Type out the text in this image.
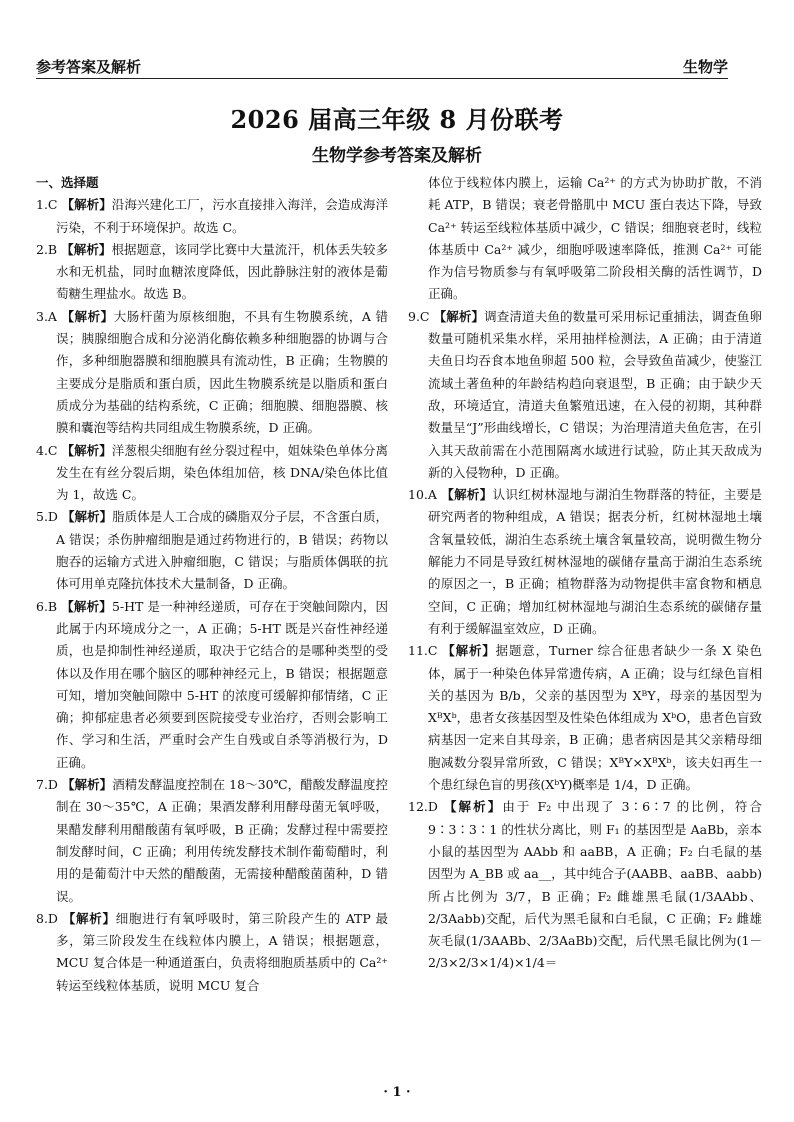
参考答案及解析	生物学
2026 届高三年级 8 月份联考
生物学参考答案及解析

一、选择题

1.C 【解析】沿海兴建化工厂，污水直接排入海洋，会造成海洋污染，不利于环境保护。故选 C。

2.B 【解析】根据题意，该同学比赛中大量流汗，机体丢失较多水和无机盐，同时血糖浓度降低，因此静脉注射的液体是葡萄糖生理盐水。故选 B。

3.A 【解析】大肠杆菌为原核细胞，不具有生物膜系统，A 错误；胰腺细胞合成和分泌消化酶依赖多种细胞器的协调与合作，多种细胞器膜和细胞膜具有流动性，B 正确；生物膜的主要成分是脂质和蛋白质，因此生物膜系统是以脂质和蛋白质成分为基础的结构系统，C 正确；细胞膜、细胞器膜、核膜和囊泡等结构共同组成生物膜系统，D 正确。

4.C 【解析】洋葱根尖细胞有丝分裂过程中，姐妹染色单体分离发生在有丝分裂后期，染色体组加倍，核 DNA/染色体比值为 1，故选 C。

5.D 【解析】脂质体是人工合成的磷脂双分子层，不含蛋白质，A 错误；杀伤肿瘤细胞是通过药物进行的，B 错误；药物以胞吞的运输方式进入肿瘤细胞，C 错误；与脂质体偶联的抗体可用单克隆抗体技术大量制备，D 正确。

6.B 【解析】5-HT 是一种神经递质，可存在于突触间隙内，因此属于内环境成分之一，A 正确；5-HT 既是兴奋性神经递质，也是抑制性神经递质，取决于它结合的是哪种类型的受体以及作用在哪个脑区的哪种神经元上，B 错误；根据题意可知，增加突触间隙中 5-HT 的浓度可缓解抑郁情绪，C 正确；抑郁症患者必须要到医院接受专业治疗，否则会影响工作、学习和生活，严重时会产生自残或自杀等消极行为，D 正确。

7.D 【解析】酒精发酵温度控制在 18～30℃，醋酸发酵温度控制在 30～35℃，A 正确；果酒发酵利用酵母菌无氧呼吸，果醋发酵利用醋酸菌有氧呼吸，B 正确；发酵过程中需要控制发酵时间，C 正确；利用传统发酵技术制作葡萄醋时，利用的是葡萄汁中天然的醋酸菌，无需接种醋酸菌菌种，D 错误。

8.D 【解析】细胞进行有氧呼吸时，第三阶段产生的 ATP 最多，第三阶段发生在线粒体内膜上，A 错误；根据题意，MCU 复合体是一种通道蛋白，负责将细胞质基质中的 Ca²⁺ 转运至线粒体基质，说明 MCU 复合

体位于线粒体内膜上，运输 Ca²⁺ 的方式为协助扩散，不消耗 ATP，B 错误；衰老骨骼肌中 MCU 蛋白表达下降，导致 Ca²⁺ 转运至线粒体基质中减少，C 错误；细胞衰老时，线粒体基质中 Ca²⁺ 减少，细胞呼吸速率降低，推测 Ca²⁺ 可能作为信号物质参与有氧呼吸第二阶段相关酶的活性调节，D 正确。

9.C 【解析】调查清道夫鱼的数量可采用标记重捕法，调查鱼卵数量可随机采集水样，采用抽样检测法，A 正确；由于清道夫鱼日均吞食本地鱼卵超 500 粒，会导致鱼苗减少，使鉴江流域土著鱼种的年龄结构趋向衰退型，B 正确；由于缺少天敌，环境适宜，清道夫鱼繁殖迅速，在入侵的初期，其种群数量呈“J”形曲线增长，C 错误；为治理清道夫鱼危害，在引入其天敌前需在小范围隔离水域进行试验，防止其天敌成为新的入侵物种，D 正确。

10.A 【解析】认识红树林湿地与湖泊生物群落的特征，主要是研究两者的物种组成，A 错误；据表分析，红树林湿地土壤含氧量较低，湖泊生态系统土壤含氧量较高，说明微生物分解能力不同是导致红树林湿地的碳储存量高于湖泊生态系统的原因之一，B 正确；植物群落为动物提供丰富食物和栖息空间，C 正确；增加红树林湿地与湖泊生态系统的碳储存量有利于缓解温室效应，D 正确。

11.C 【解析】据题意，Turner 综合征患者缺少一条 X 染色体，属于一种染色体异常遗传病，A 正确；设与红绿色盲相关的基因为 B/b，父亲的基因型为 XᴮY，母亲的基因型为 XᴮXᵇ，患者女孩基因型及性染色体组成为 XᵇO，患者色盲致病基因一定来自其母亲，B 正确；患者病因是其父亲精母细胞减数分裂异常所致，C 错误；XᴮY×XᴮXᵇ，该夫妇再生一个患红绿色盲的男孩(XᵇY)概率是 1/4，D 正确。

12.D 【解析】由于 F₂ 中出现了 3∶6∶7 的比例，符合 9∶3∶3∶1 的性状分离比，则 F₁ 的基因型是 AaBb，亲本小鼠的基因型为 AAbb 和 aaBB，A 正确；F₂ 白毛鼠的基因型为 A_BB 或 aa__，其中纯合子(AABB、aaBB、aabb)所占比例为 3/7，B 正确；F₂ 雌雄黑毛鼠(1/3AAbb、2/3Aabb)交配，后代为黑毛鼠和白毛鼠，C 正确；F₂ 雌雄灰毛鼠(1/3AABb、2/3AaBb)交配，后代黑毛鼠比例为(1－2/3×2/3×1/4)×1/4＝

· 1 ·
